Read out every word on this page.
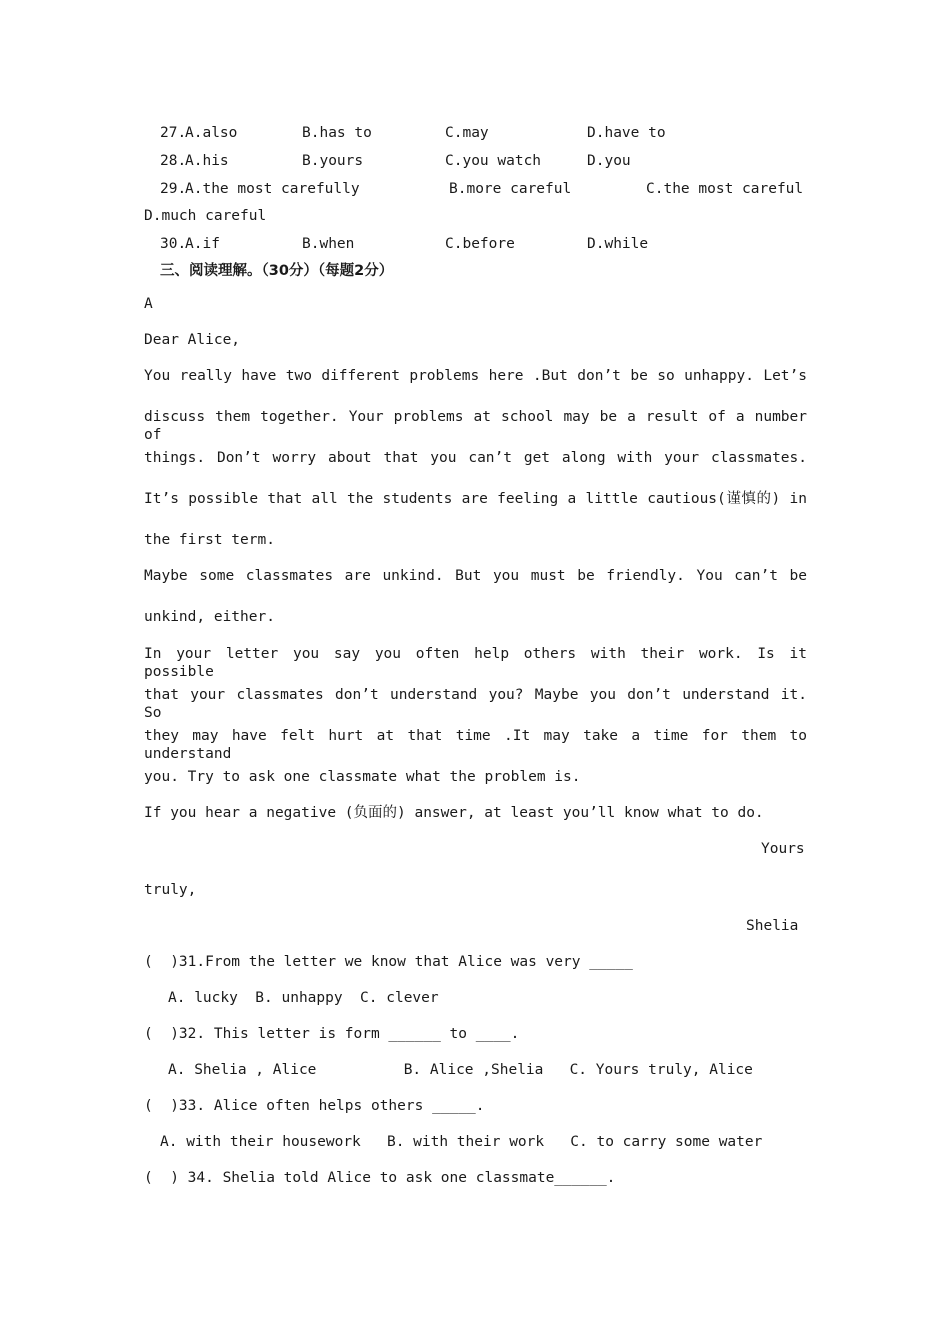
27.
A.also	B.has to	C.may	D.have to
28.
A.his	B.yours	C.you watch	D.you
29.
A.the most carefully	B.more careful	C.the most careful
D.much careful
30.
A.if	B.when	C.before	D.while
三、阅读理解。（30分）（每题2分）
A
Dear Alice,
You really have two different problems here .But don’t be so unhappy. Let’s
discuss them together. Your problems at school may be a result of a number of
things. Don’t worry about that you can’t get along with your classmates.
It’s possible that all the students are feeling a little cautious(谨慎的) in
the first term.
Maybe some classmates are unkind. But you must be friendly. You can’t be
unkind, either.
In your letter you say you often help others with their work. Is it possible
that your classmates don’t understand you? Maybe you don’t understand it. So
they may have felt hurt at that time .It may take a time for them to understand
you. Try to ask one classmate what the problem is.
If you hear a negative (负面的) answer, at least you’ll know what to do.
Yours
truly,
Shelia
(  )31.From the letter we know that Alice was very _____
A. lucky  B. unhappy  C. clever
(  )32. This letter is form ______ to ____.
A. Shelia , Alice          B. Alice ,Shelia   C. Yours truly, Alice
(  )33. Alice often helps others _____.
A. with their housework   B. with their work   C. to carry some water
(  ) 34. Shelia told Alice to ask one classmate______.
